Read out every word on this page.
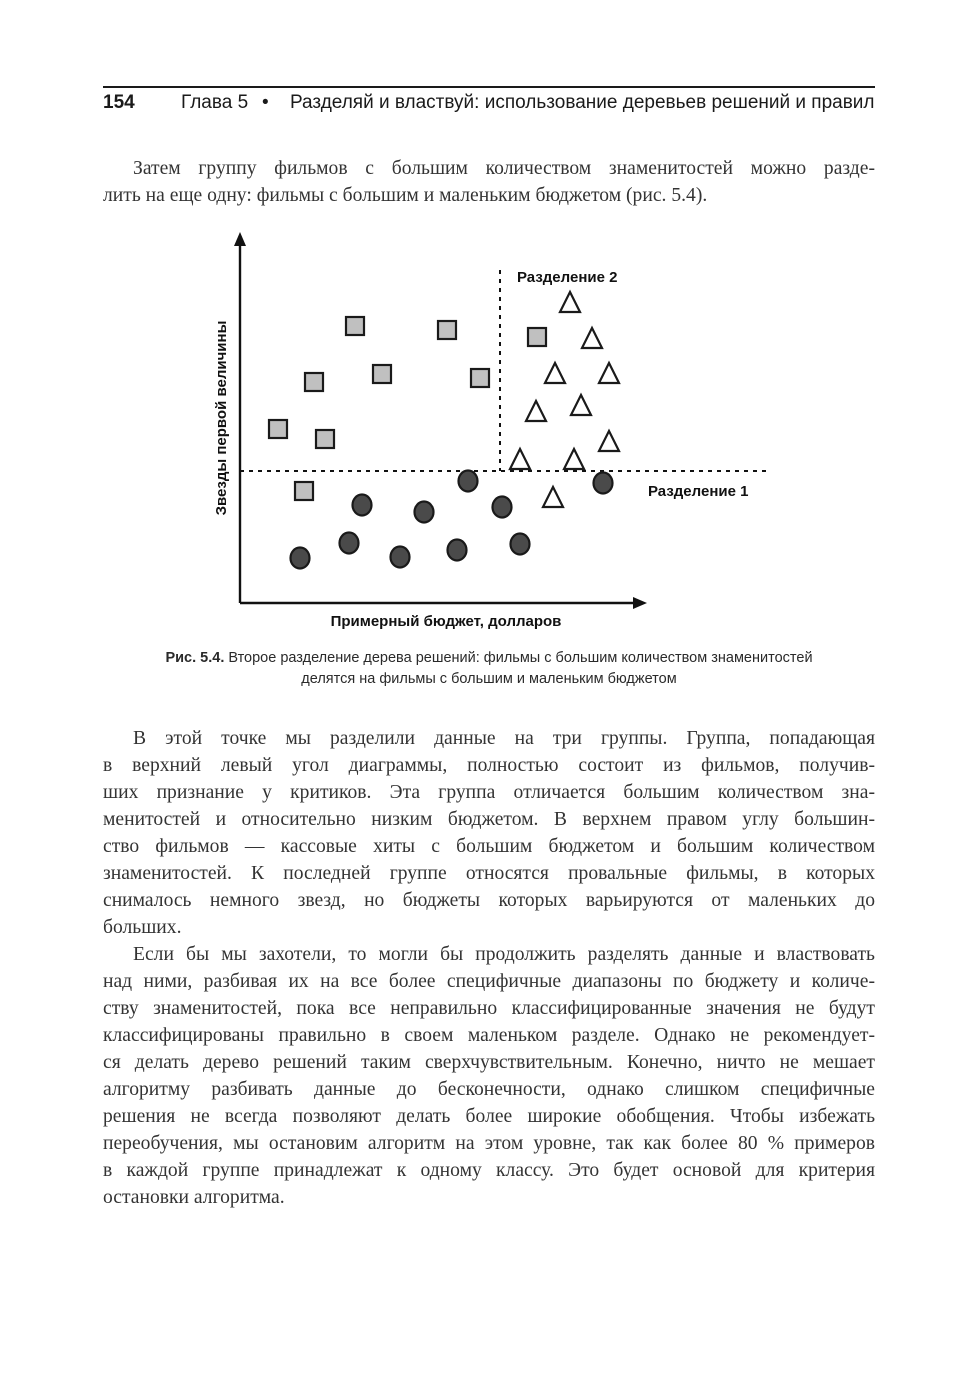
154 Глава 5 • Разделяй и властвуй: использование деревьев решений и правил
Затем группу фильмов с большим количеством знаменитостей можно разде-
лить на еще одну: фильмы с большим и маленьким бюджетом (рис. 5.4).
Разделение 2
Разделение 1
Примерный бюджет, долларов
Звезды первой величины
Рис. 5.4. Второе разделение дерева решений: фильмы с большим количеством знаменитостей
делятся на фильмы с большим и маленьким бюджетом
В этой точке мы разделили данные на три группы. Группа, попадающая
в верхний левый угол диаграммы, полностью состоит из фильмов, получив-
ших признание у критиков. Эта группа отличается большим количеством зна-
менитостей и относительно низким бюджетом. В верхнем правом углу большин-
ство фильмов — кассовые хиты с большим бюджетом и большим количеством
знаменитостей. К последней группе относятся провальные фильмы, в которых
снималось немного звезд, но бюджеты которых варьируются от маленьких до
больших.
Если бы мы захотели, то могли бы продолжить разделять данные и властвовать
над ними, разбивая их на все более специфичные диапазоны по бюджету и количе-
ству знаменитостей, пока все неправильно классифицированные значения не будут
классифицированы правильно в своем маленьком разделе. Однако не рекомендует-
ся делать дерево решений таким сверхчувствительным. Конечно, ничто не мешает
алгоритму разбивать данные до бесконечности, однако слишком специфичные
решения не всегда позволяют делать более широкие обобщения. Чтобы избежать
переобучения, мы остановим алгоритм на этом уровне, так как более 80 % примеров
в каждой группе принадлежат к одному классу. Это будет основой для критерия
остановки алгоритма.
